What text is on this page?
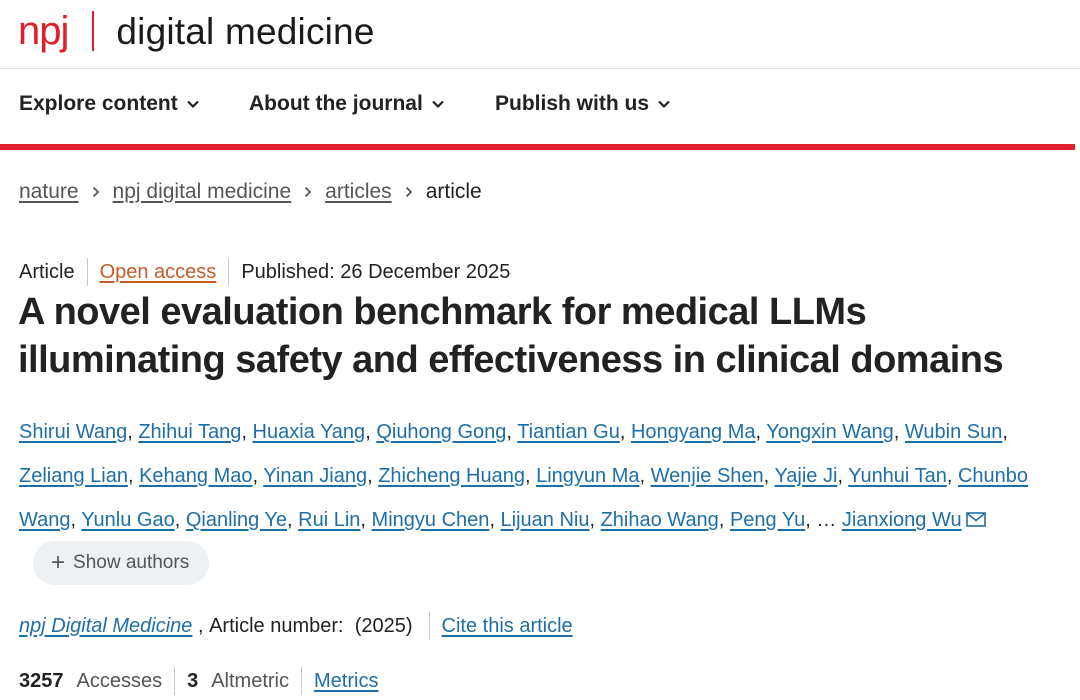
npj digital medicine
Explore content	About the journal	Publish with us
nature npj digital medicine articles article
Article Open access Published: 26 December 2025
A novel evaluation benchmark for medical LLMs illuminating safety and effectiveness in clinical domains
Shirui Wang, Zhihui Tang, Huaxia Yang, Qiuhong Gong, Tiantian Gu, Hongyang Ma, Yongxin Wang, Wubin Sun, Zeliang Lian, Kehang Mao, Yinan Jiang, Zhicheng Huang, Lingyun Ma, Wenjie Shen, Yajie Ji, Yunhui Tan, Chunbo Wang, Yunlu Gao, Qianling Ye, Rui Lin, Mingyu Chen, Lijuan Niu, Zhihao Wang, Peng Yu, … Jianxiong Wu
+ Show authors
npj Digital Medicine , Article number:
(2025) Cite this article
3257 Accesses 3 Altmetric Metrics
